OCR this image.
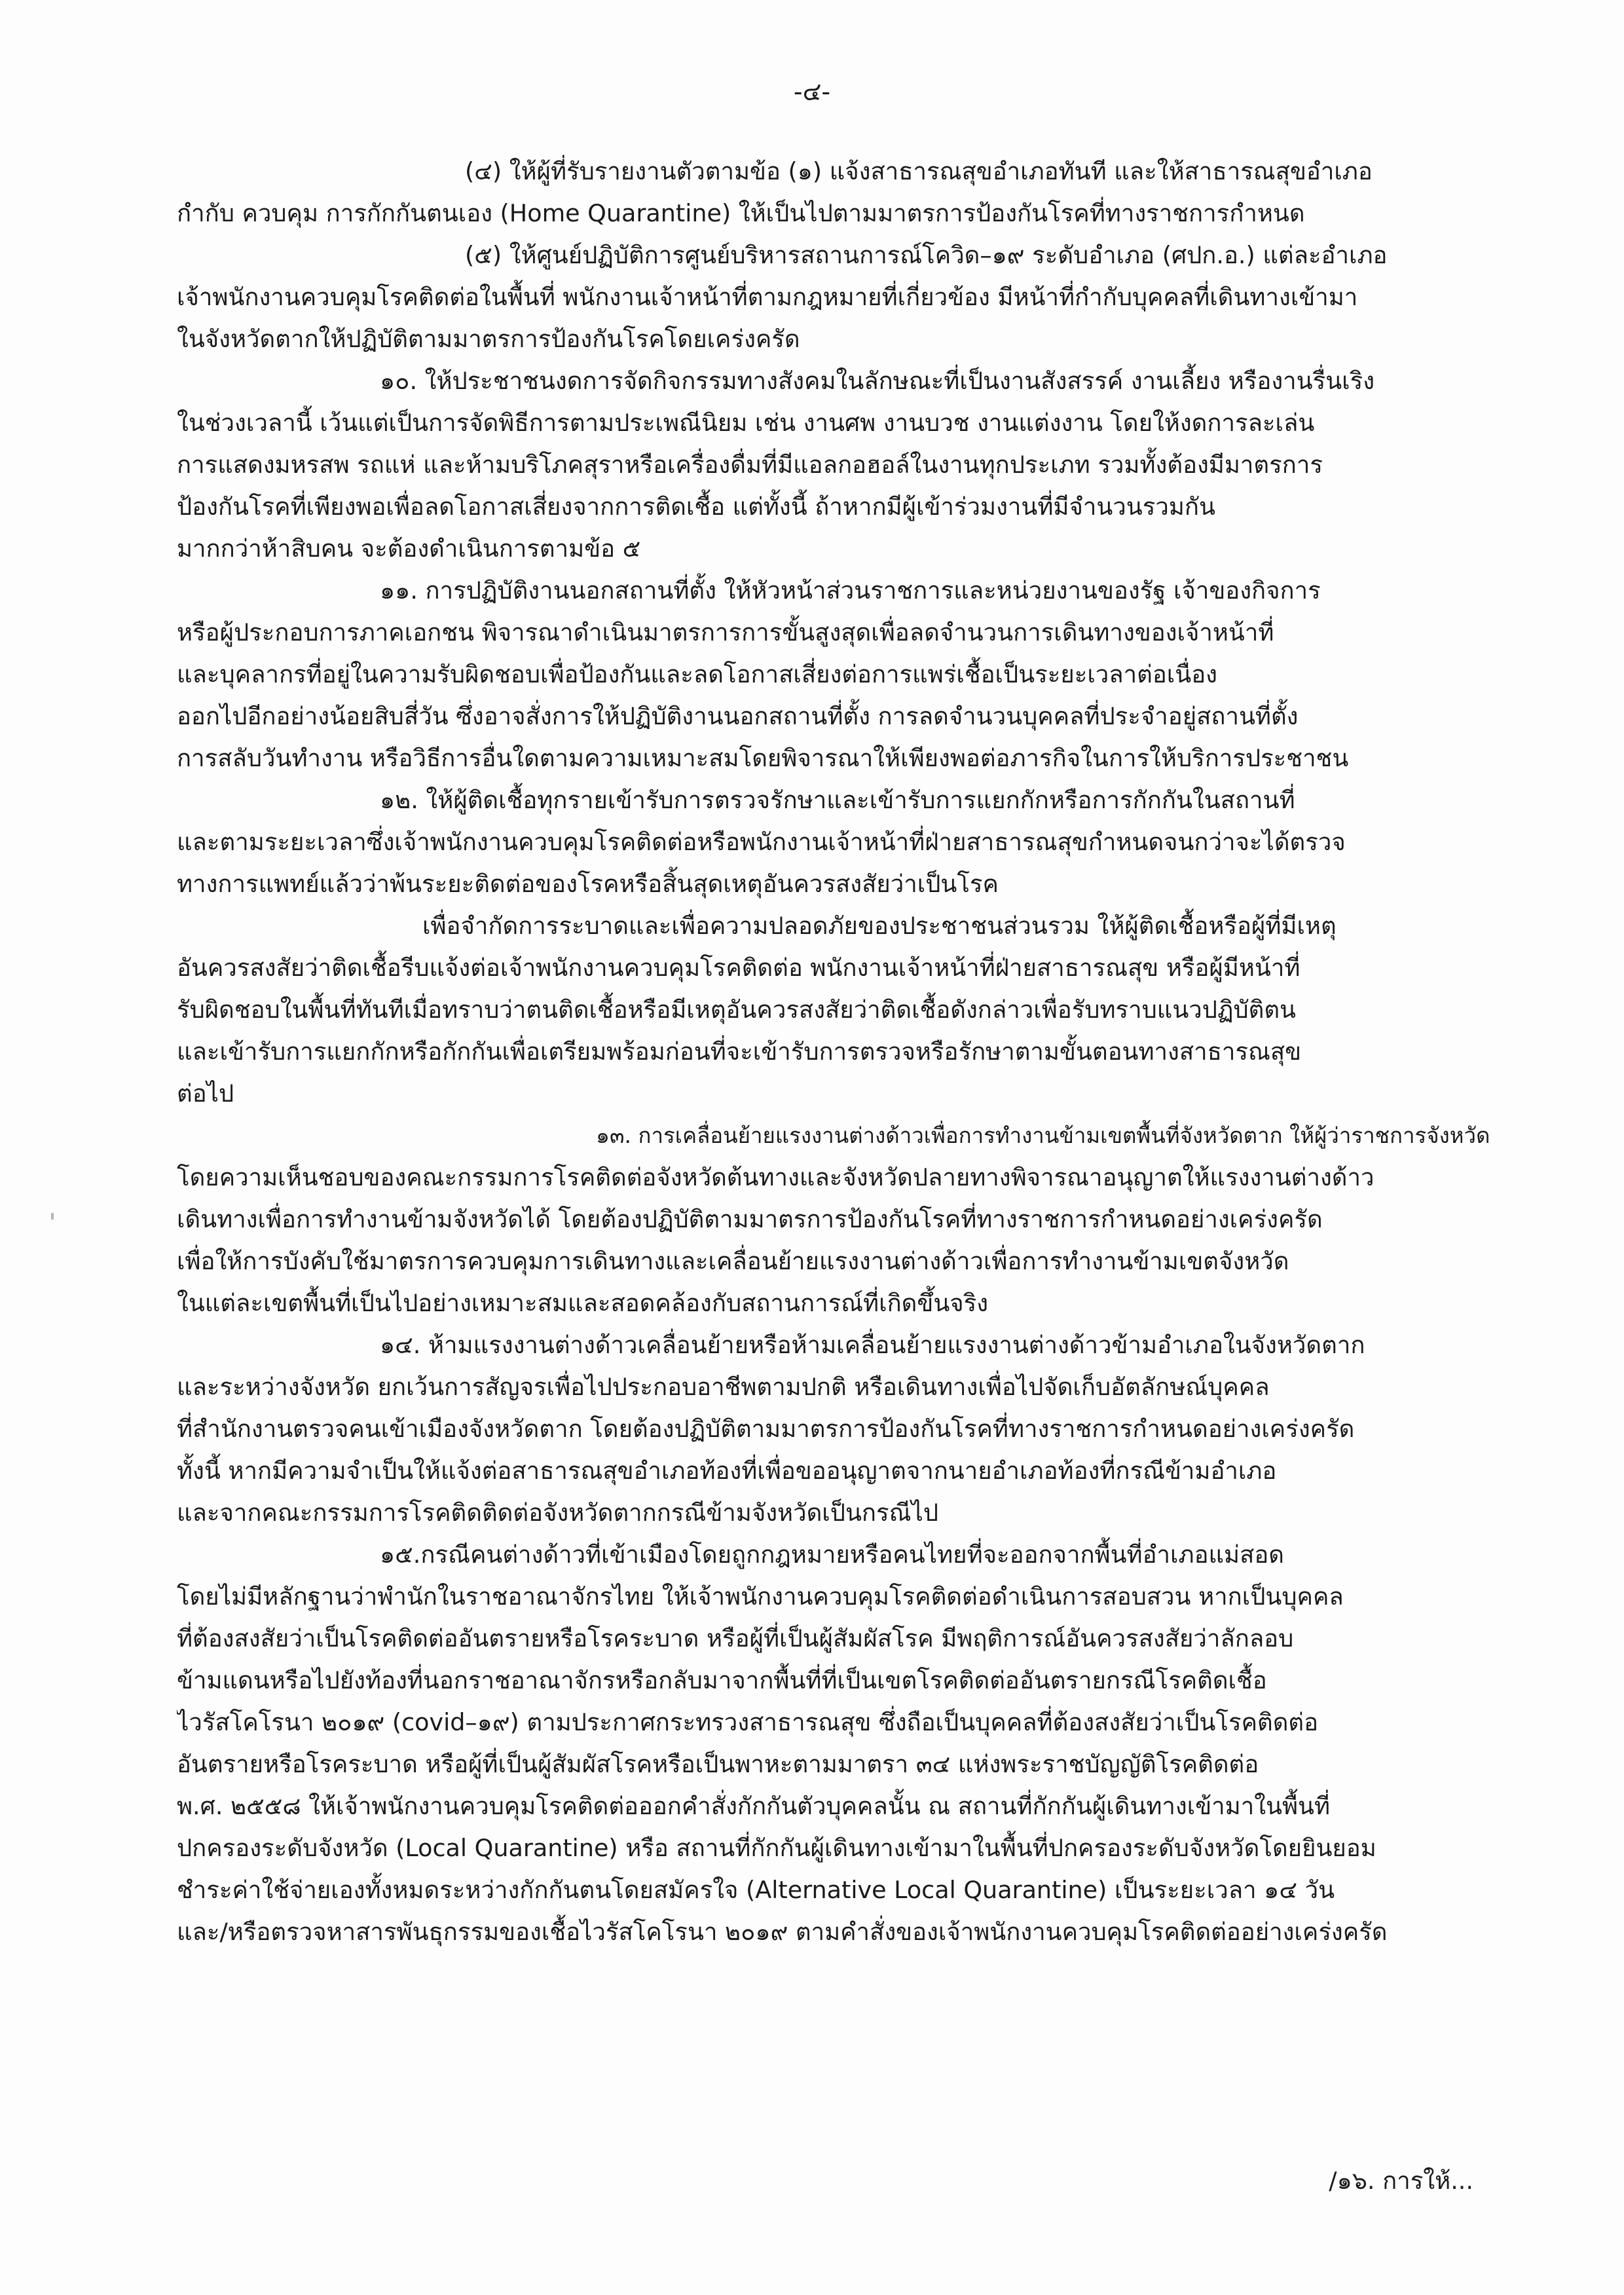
-๔-

(๔) ให้ผู้ที่รับรายงานตัวตามข้อ (๑) แจ้งสาธารณสุขอำเภอทันที และให้สาธารณสุขอำเภอ
กำกับ ควบคุม การกักกันตนเอง (Home Quarantine) ให้เป็นไปตามมาตรการป้องกันโรคที่ทางราชการกำหนด

(๕) ให้ศูนย์ปฏิบัติการศูนย์บริหารสถานการณ์โควิด–๑๙ ระดับอำเภอ (ศปก.อ.) แต่ละอำเภอ
เจ้าพนักงานควบคุมโรคติดต่อในพื้นที่ พนักงานเจ้าหน้าที่ตามกฎหมายที่เกี่ยวข้อง มีหน้าที่กำกับบุคคลที่เดินทางเข้ามา
ในจังหวัดตากให้ปฏิบัติตามมาตรการป้องกันโรคโดยเคร่งครัด

๑๐. ให้ประชาชนงดการจัดกิจกรรมทางสังคมในลักษณะที่เป็นงานสังสรรค์ งานเลี้ยง หรืองานรื่นเริง
ในช่วงเวลานี้ เว้นแต่เป็นการจัดพิธีการตามประเพณีนิยม เช่น งานศพ งานบวช งานแต่งงาน โดยให้งดการละเล่น
การแสดงมหรสพ รถแห่ และห้ามบริโภคสุราหรือเครื่องดื่มที่มีแอลกอฮอล์ในงานทุกประเภท รวมทั้งต้องมีมาตรการ
ป้องกันโรคที่เพียงพอเพื่อลดโอกาสเสี่ยงจากการติดเชื้อ แต่ทั้งนี้ ถ้าหากมีผู้เข้าร่วมงานที่มีจำนวนรวมกัน
มากกว่าห้าสิบคน จะต้องดำเนินการตามข้อ ๕

๑๑. การปฏิบัติงานนอกสถานที่ตั้ง ให้หัวหน้าส่วนราชการและหน่วยงานของรัฐ เจ้าของกิจการ
หรือผู้ประกอบการภาคเอกชน พิจารณาดำเนินมาตรการการขั้นสูงสุดเพื่อลดจำนวนการเดินทางของเจ้าหน้าที่
และบุคลากรที่อยู่ในความรับผิดชอบเพื่อป้องกันและลดโอกาสเสี่ยงต่อการแพร่เชื้อเป็นระยะเวลาต่อเนื่อง
ออกไปอีกอย่างน้อยสิบสี่วัน ซึ่งอาจสั่งการให้ปฏิบัติงานนอกสถานที่ตั้ง การลดจำนวนบุคคลที่ประจำอยู่สถานที่ตั้ง
การสลับวันทำงาน หรือวิธีการอื่นใดตามความเหมาะสมโดยพิจารณาให้เพียงพอต่อภารกิจในการให้บริการประชาชน

๑๒. ให้ผู้ติดเชื้อทุกรายเข้ารับการตรวจรักษาและเข้ารับการแยกกักหรือการกักกันในสถานที่
และตามระยะเวลาซึ่งเจ้าพนักงานควบคุมโรคติดต่อหรือพนักงานเจ้าหน้าที่ฝ่ายสาธารณสุขกำหนดจนกว่าจะได้ตรวจ
ทางการแพทย์แล้วว่าพ้นระยะติดต่อของโรคหรือสิ้นสุดเหตุอันควรสงสัยว่าเป็นโรค

เพื่อจำกัดการระบาดและเพื่อความปลอดภัยของประชาชนส่วนรวม ให้ผู้ติดเชื้อหรือผู้ที่มีเหตุ
อันควรสงสัยว่าติดเชื้อรีบแจ้งต่อเจ้าพนักงานควบคุมโรคติดต่อ พนักงานเจ้าหน้าที่ฝ่ายสาธารณสุข หรือผู้มีหน้าที่
รับผิดชอบในพื้นที่ทันทีเมื่อทราบว่าตนติดเชื้อหรือมีเหตุอันควรสงสัยว่าติดเชื้อดังกล่าวเพื่อรับทราบแนวปฏิบัติตน
และเข้ารับการแยกกักหรือกักกันเพื่อเตรียมพร้อมก่อนที่จะเข้ารับการตรวจหรือรักษาตามขั้นตอนทางสาธารณสุข
ต่อไป

๑๓. การเคลื่อนย้ายแรงงานต่างด้าวเพื่อการทำงานข้ามเขตพื้นที่จังหวัดตาก ให้ผู้ว่าราชการจังหวัด
โดยความเห็นชอบของคณะกรรมการโรคติดต่อจังหวัดต้นทางและจังหวัดปลายทางพิจารณาอนุญาตให้แรงงานต่างด้าว
เดินทางเพื่อการทำงานข้ามจังหวัดได้ โดยต้องปฏิบัติตามมาตรการป้องกันโรคที่ทางราชการกำหนดอย่างเคร่งครัด
เพื่อให้การบังคับใช้มาตรการควบคุมการเดินทางและเคลื่อนย้ายแรงงานต่างด้าวเพื่อการทำงานข้ามเขตจังหวัด
ในแต่ละเขตพื้นที่เป็นไปอย่างเหมาะสมและสอดคล้องกับสถานการณ์ที่เกิดขึ้นจริง

๑๔. ห้ามแรงงานต่างด้าวเคลื่อนย้ายหรือห้ามเคลื่อนย้ายแรงงานต่างด้าวข้ามอำเภอในจังหวัดตาก
และระหว่างจังหวัด ยกเว้นการสัญจรเพื่อไปประกอบอาชีพตามปกติ หรือเดินทางเพื่อไปจัดเก็บอัตลักษณ์บุคคล
ที่สำนักงานตรวจคนเข้าเมืองจังหวัดตาก โดยต้องปฏิบัติตามมาตรการป้องกันโรคที่ทางราชการกำหนดอย่างเคร่งครัด
ทั้งนี้ หากมีความจำเป็นให้แจ้งต่อสาธารณสุขอำเภอท้องที่เพื่อขออนุญาตจากนายอำเภอท้องที่กรณีข้ามอำเภอ
และจากคณะกรรมการโรคติดติดต่อจังหวัดตากกรณีข้ามจังหวัดเป็นกรณีไป

๑๕.กรณีคนต่างด้าวที่เข้าเมืองโดยถูกกฎหมายหรือคนไทยที่จะออกจากพื้นที่อำเภอแม่สอด
โดยไม่มีหลักฐานว่าพำนักในราชอาณาจักรไทย ให้เจ้าพนักงานควบคุมโรคติดต่อดำเนินการสอบสวน หากเป็นบุคคล
ที่ต้องสงสัยว่าเป็นโรคติดต่ออันตรายหรือโรคระบาด หรือผู้ที่เป็นผู้สัมผัสโรค มีพฤติการณ์อันควรสงสัยว่าลักลอบ
ข้ามแดนหรือไปยังท้องที่นอกราชอาณาจักรหรือกลับมาจากพื้นที่ที่เป็นเขตโรคติดต่ออันตรายกรณีโรคติดเชื้อ
ไวรัสโคโรนา ๒๐๑๙ (covid–๑๙) ตามประกาศกระทรวงสาธารณสุข ซึ่งถือเป็นบุคคลที่ต้องสงสัยว่าเป็นโรคติดต่อ
อันตรายหรือโรคระบาด หรือผู้ที่เป็นผู้สัมผัสโรคหรือเป็นพาหะตามมาตรา ๓๔ แห่งพระราชบัญญัติโรคติดต่อ
พ.ศ. ๒๕๕๘ ให้เจ้าพนักงานควบคุมโรคติดต่อออกคำสั่งกักกันตัวบุคคลนั้น ณ สถานที่กักกันผู้เดินทางเข้ามาในพื้นที่
ปกครองระดับจังหวัด (Local Quarantine) หรือ สถานที่กักกันผู้เดินทางเข้ามาในพื้นที่ปกครองระดับจังหวัดโดยยินยอม
ชำระค่าใช้จ่ายเองทั้งหมดระหว่างกักกันตนโดยสมัครใจ (Alternative Local Quarantine) เป็นระยะเวลา ๑๔ วัน
และ/หรือตรวจหาสารพันธุกรรมของเชื้อไวรัสโคโรนา ๒๐๑๙ ตามคำสั่งของเจ้าพนักงานควบคุมโรคติดต่ออย่างเคร่งครัด

/๑๖. การให้...
